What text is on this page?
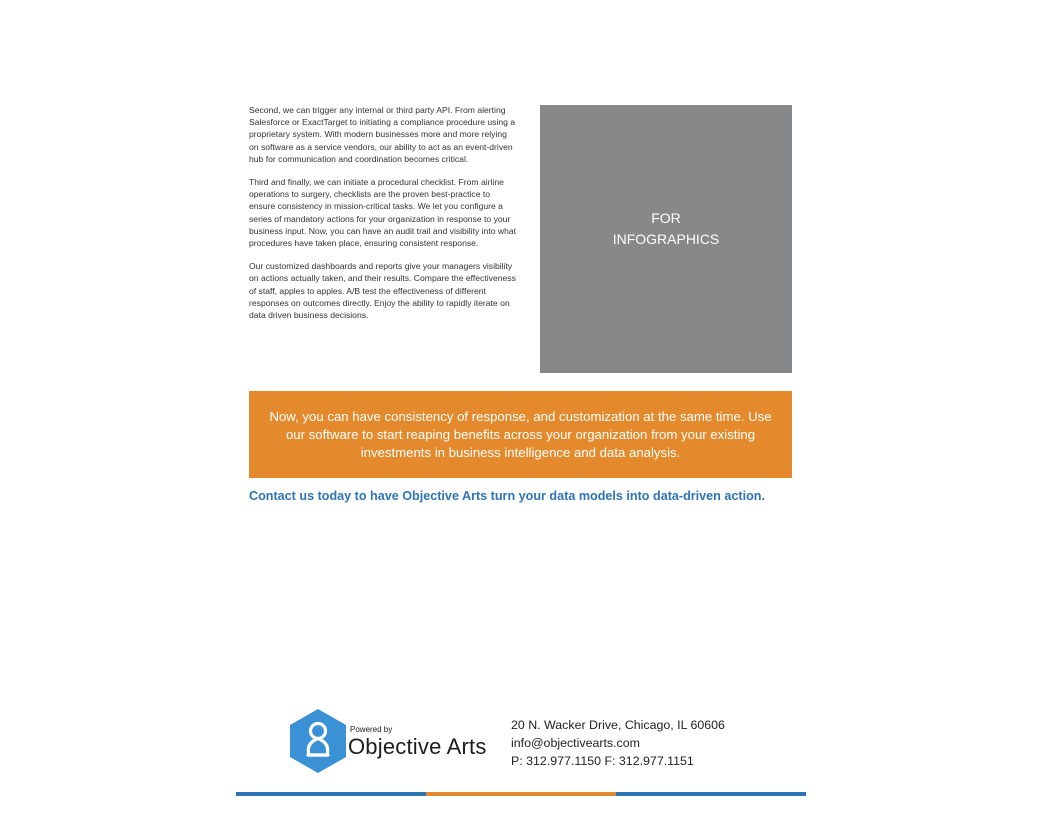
Second, we can trigger any internal or third party API. From alerting Salesforce or ExactTarget to initiating a compliance procedure using a proprietary system. With modern businesses more and more relying on software as a service vendors, our ability to act as an event-driven hub for communication and coordination becomes critical.

Third and finally, we can initiate a procedural checklist. From airline operations to surgery, checklists are the proven best-practice to ensure consistency in mission-critical tasks. We let you configure a series of mandatory actions for your organization in response to your business input. Now, you can have an audit trail and visibility into what procedures have taken place, ensuring consistent response.

Our customized dashboards and reports give your managers visibility on actions actually taken, and their results. Compare the effectiveness of staff, apples to apples. A/B test the effectiveness of different responses on outcomes directly. Enjoy the ability to rapidly iterate on data driven business decisions.

FOR
INFOGRAPHICS
Now, you can have consistency of response, and customization at the same time. Use our software to start reaping benefits across your organization from your existing investments in business intelligence and data analysis.
Contact us today to have Objective Arts turn your data models into data-driven action.
Powered by
Objective Arts
20 N. Wacker Drive, Chicago, IL 60606
info@objectivearts.com
P: 312.977.1150 F: 312.977.1151
